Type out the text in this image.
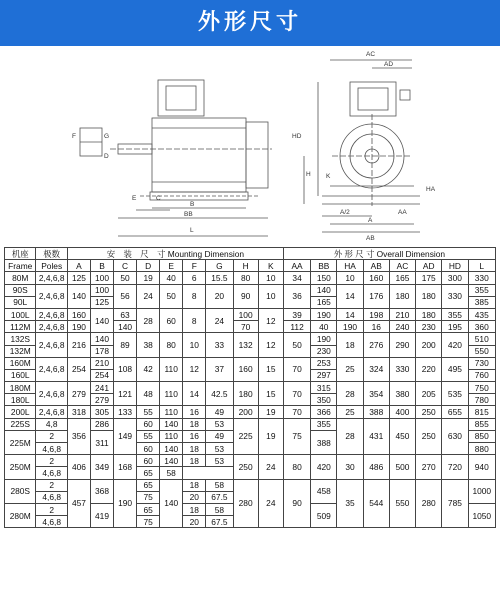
外形尺寸
F	G
D
E	C
BB
B
L
AC
AD
HD
HA
H K
A/2
A
AB
AA
机座	极数	安　装　尺　寸 Mounting Dimension									外 形 尺 寸 Overall Dimension							
Frame	Poles	A	B	C	D	E	F	G	H	K	AA	BB	HA	AB	AC	AD	HD	L
80M	2,4,6,8	125	100	50	19	40	6	15.5	80	10	34	150	10	160	165	175	300	330
90S	2,4,6,8	140	100	56	24	50	8	20	90	10	36	140	14	176	180	180	330	355
90L			125									165						385
100L	2,4,6,8	160	140	63	28	60	8	24	100	12	39	190	14	198	210	180	355	435
112M	2,4,6,8	190		140					70		112	40	190	16	240	230	195	360
132S	2,4,6,8	216	140	89	38	80	10	33	132	12	50	190	18	276	290	200	420	510
132M			178									230						550
160M	2,4,6,8	254	210	108	42	110	12	37	160	15	70	253	25	324	330	220	495	730
160L			254									297						760
180M	2,4,6,8	279	241	121	48	110	14	42.5	180	15	70	315	28	354	380	205	535	750
180L			279									350						780
200L	2,4,6,8	318	305	133	55	110	16	49	200	19	70	366	25	388	400	250	655	815
225S	4,8	356	286	149	60	140	18	53	225	19	75	355	28	431	450	250	630	855
225M	2		311		55	110	16	49				388						850
	4,6,8				60	140	18	53										880
250M	2	406	349	168	60	140	18	53	250	24	80	420	30	486	500	270	720	940
	4,6,8				65	58												
280S	2	457	368	190	65	140	18	58	280	24	90	458	35	544	550	280	785	1000
	4,6,8				75		20	67.5										
280M	2		419		65		18	58				509						1050
	4,6,8				75		20	67.5										
